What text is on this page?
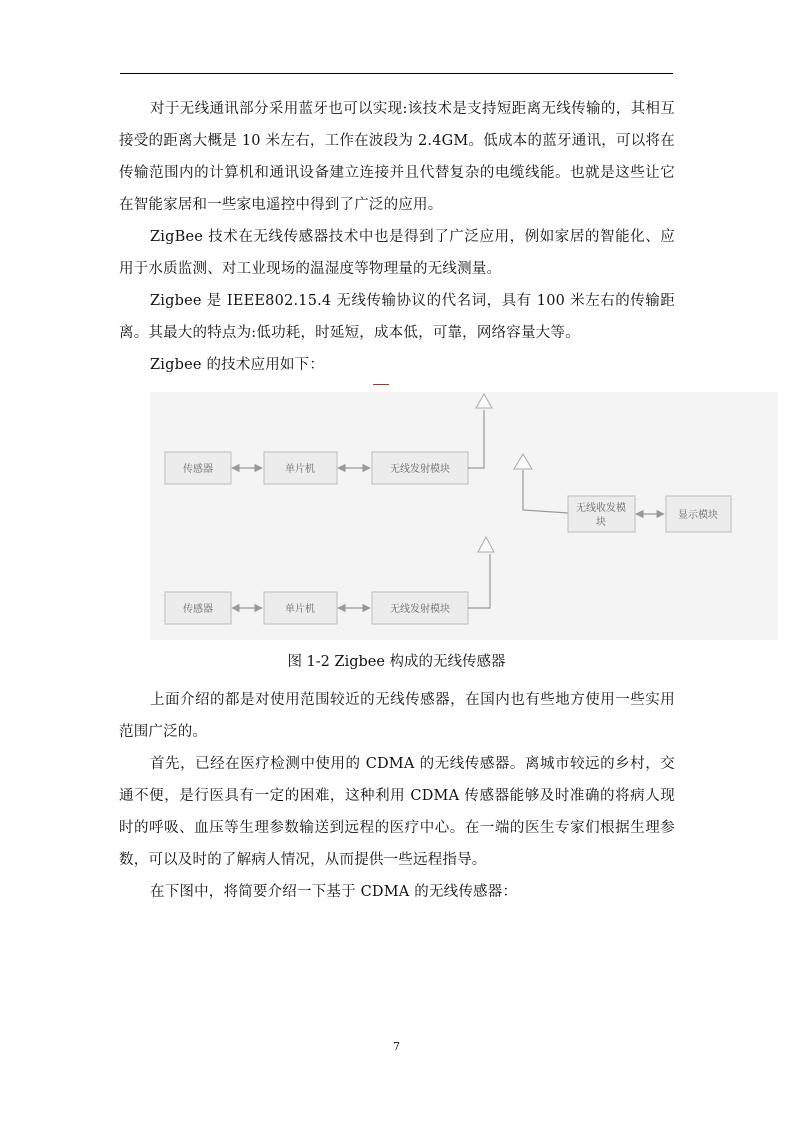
对于无线通讯部分采用蓝牙也可以实现:该技术是支持短距离无线传输的，其相互接受的距离大概是 10 米左右，工作在波段为 2.4GM。低成本的蓝牙通讯，可以将在传输范围内的计算机和通讯设备建立连接并且代替复杂的电缆线能。也就是这些让它在智能家居和一些家电遥控中得到了广泛的应用。

ZigBee 技术在无线传感器技术中也是得到了广泛应用，例如家居的智能化、应用于水质监测、对工业现场的温湿度等物理量的无线测量。

Zigbee 是 IEEE802.15.4 无线传输协议的代名词，具有 100 米左右的传输距离。其最大的特点为:低功耗，时延短，成本低，可靠，网络容量大等。

Zigbee 的技术应用如下：

传感器	单片机	无线发射模块
无线收发模
块
显示模块
传感器	单片机	无线发射模块

图 1-2 Zigbee 构成的无线传感器

上面介绍的都是对使用范围较近的无线传感器，在国内也有些地方使用一些实用范围广泛的。

首先，已经在医疗检测中使用的 CDMA 的无线传感器。离城市较远的乡村，交通不便，是行医具有一定的困难，这种利用 CDMA 传感器能够及时准确的将病人现时的呼吸、血压等生理参数输送到远程的医疗中心。在一端的医生专家们根据生理参数，可以及时的了解病人情况，从而提供一些远程指导。

在下图中，将简要介绍一下基于 CDMA 的无线传感器：

7
